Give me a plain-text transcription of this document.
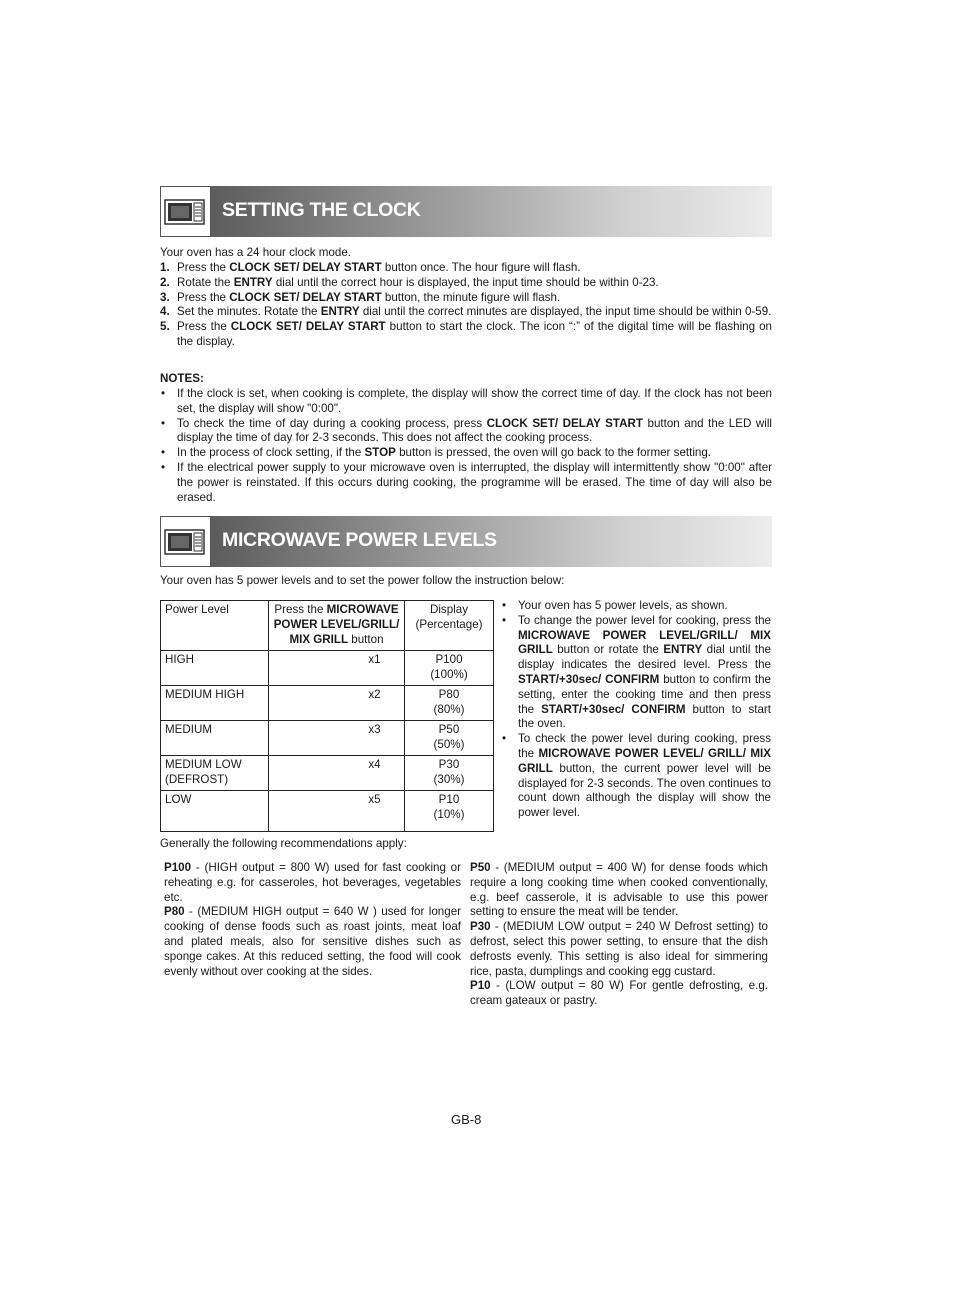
SETTING THE CLOCK

Your oven has a 24 hour clock mode.

1. Press the CLOCK SET/ DELAY START button once. The hour figure will flash.
2. Rotate the ENTRY dial until the correct hour is displayed, the input time should be within 0-23.
3. Press the CLOCK SET/ DELAY START button, the minute figure will flash.
4. Set the minutes. Rotate the ENTRY dial until the correct minutes are displayed, the input time should be within 0-59.
5. Press the CLOCK SET/ DELAY START button to start the clock. The icon “:” of the digital time will be flashing on the display.

NOTES:

• If the clock is set, when cooking is complete, the display will show the correct time of day. If the clock has not been set, the display will show "0:00".
• To check the time of day during a cooking process, press CLOCK SET/ DELAY START button and the LED will display the time of day for 2-3 seconds. This does not affect the cooking process.
• In the process of clock setting, if the STOP button is pressed, the oven will go back to the former setting.
• If the electrical power supply to your microwave oven is interrupted, the display will intermittently show "0:00" after the power is reinstated. If this occurs during cooking, the programme will be erased. The time of day will also be erased.
MICROWAVE POWER LEVELS

Your oven has 5 power levels and to set the power follow the instruction below:

Power Level	Press the MICROWAVE POWER LEVEL/GRILL/ MIX GRILL button	Display (Percentage)
HIGH	x1	P100
(100%)

MEDIUM HIGH	x2	P80
(80%)

MEDIUM	x3	P50
(50%)

MEDIUM LOW (DEFROST)	x4	P30
(30%)

LOW	x5	P10
(10%)
• Your oven has 5 power levels, as shown.
• To change the power level for cooking, press the MICROWAVE POWER LEVEL/GRILL/ MIX GRILL button or rotate the ENTRY dial until the display indicates the desired level. Press the START/+30sec/ CONFIRM button to confirm the setting, enter the cooking time and then press the START/+30sec/ CONFIRM button to start the oven.
• To check the power level during cooking, press the MICROWAVE POWER LEVEL/ GRILL/ MIX GRILL button, the current power level will be displayed for 2-3 seconds. The oven continues to count down although the display will show the power level.

Generally the following recommendations apply:

P100 - (HIGH output = 800 W) used for fast cooking or reheating e.g. for casseroles, hot beverages, vegetables etc.

P80 - (MEDIUM HIGH output = 640 W ) used for longer cooking of dense foods such as roast joints, meat loaf and plated meals, also for sensitive dishes such as sponge cakes. At this reduced setting, the food will cook evenly without over cooking at the sides.

P50 - (MEDIUM output = 400 W) for dense foods which require a long cooking time when cooked conventionally, e.g. beef casserole, it is advisable to use this power setting to ensure the meat will be tender.

P30 - (MEDIUM LOW output = 240 W Defrost setting) to defrost, select this power setting, to ensure that the dish defrosts evenly. This setting is also ideal for simmering rice, pasta, dumplings and cooking egg custard.

P10 - (LOW output = 80 W) For gentle defrosting, e.g. cream gateaux or pastry.

GB-8
